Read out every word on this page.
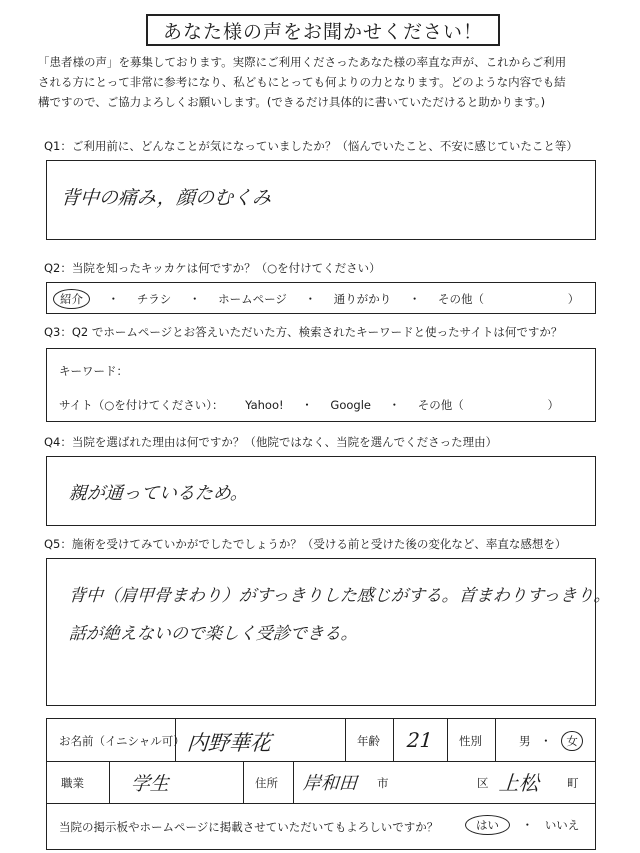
あなた様の声をお聞かせください！
「患者様の声」を募集しております。実際にご利用くださったあなた様の率直な声が、これからご利用
される方にとって非常に参考になり、私どもにとっても何よりの力となります。どのような内容でも結
構ですので、ご協力よろしくお願いします。(できるだけ具体的に書いていただけると助かります。)
Q1：ご利用前に、どんなことが気になっていましたか？（悩んでいたこと、不安に感じていたこと等）
背中の痛み，顔のむくみ
Q2：当院を知ったキッカケは何ですか？（○を付けてください）
紹介 ・ チラシ ・ ホームページ ・ 通りがかり ・ その他（	）
Q3：Q2 でホームページとお答えいただいた方、検索されたキーワードと使ったサイトは何ですか？
キーワード：
サイト（○を付けてください）： Yahoo! ・ Google ・ その他（	）
Q4：当院を選ばれた理由は何ですか？（他院ではなく、当院を選んでくださった理由）
親が通っているため。
Q5：施術を受けてみていかがでしたでしょうか？（受ける前と受けた後の変化など、率直な感想を）
背中（肩甲骨まわり）がすっきりした感じがする。首まわりすっきり。
話が絶えないので楽しく受診できる。
お名前（イニシャル可） 内野華花	年齢 21 性別	男 ・ 女
職業 学生	住所 岸和田 市	区 上松 町
当院の掲示板やホームページに掲載させていただいてもよろしいですか？	はい ・ いいえ
